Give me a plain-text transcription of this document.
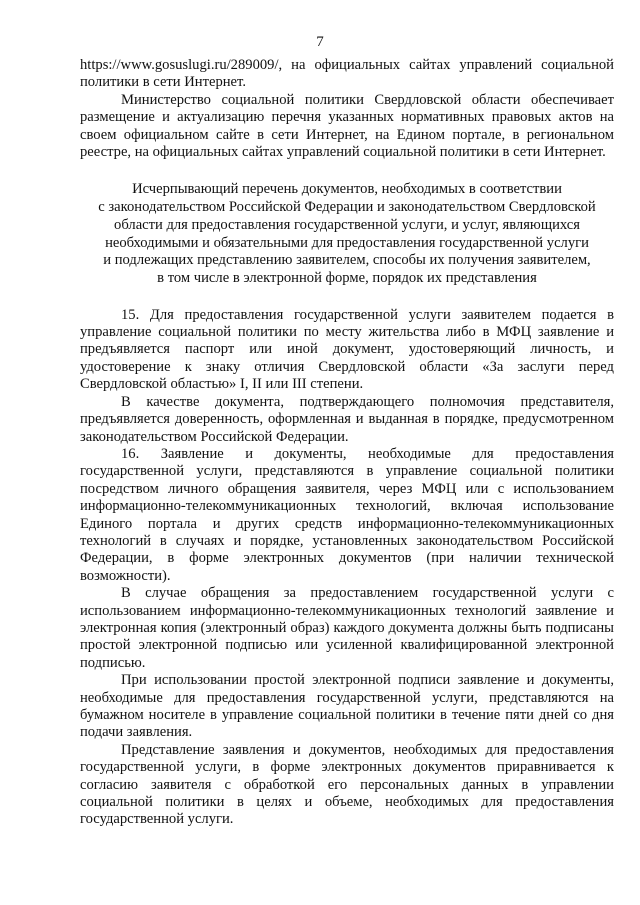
7

https://www.gosuslugi.ru/289009/, на официальных сайтах управлений социальной политики в сети Интернет.

Министерство социальной политики Свердловской области обеспечивает размещение и актуализацию перечня указанных нормативных правовых актов на своем официальном сайте в сети Интернет, на Едином портале, в региональном реестре, на официальных сайтах управлений социальной политики в сети Интернет.

Исчерпывающий перечень документов, необходимых в соответствии

с законодательством Российской Федерации и законодательством Свердловской

области для предоставления государственной услуги, и услуг, являющихся

необходимыми и обязательными для предоставления государственной услуги

и подлежащих представлению заявителем, способы их получения заявителем,

в том числе в электронной форме, порядок их представления

15. Для предоставления государственной услуги заявителем подается в управление социальной политики по месту жительства либо в МФЦ заявление и предъявляется паспорт или иной документ, удостоверяющий личность, и удостоверение к знаку отличия Свердловской области «За заслуги перед Свердловской областью» I, II или III степени.

В качестве документа, подтверждающего полномочия представителя, предъявляется доверенность, оформленная и выданная в порядке, предусмотренном законодательством Российской Федерации.

16. Заявление и документы, необходимые для предоставления государственной услуги, представляются в управление социальной политики посредством личного обращения заявителя, через МФЦ или с использованием информационно-телекоммуникационных технологий, включая использование Единого портала и других средств информационно-телекоммуникационных технологий в случаях и порядке, установленных законодательством Российской Федерации, в форме электронных документов (при наличии технической возможности).

В случае обращения за предоставлением государственной услуги с использованием информационно-телекоммуникационных технологий заявление и электронная копия (электронный образ) каждого документа должны быть подписаны простой электронной подписью или усиленной квалифицированной электронной подписью.

При использовании простой электронной подписи заявление и документы, необходимые для предоставления государственной услуги, представляются на бумажном носителе в управление социальной политики в течение пяти дней со дня подачи заявления.

Представление заявления и документов, необходимых для предоставления государственной услуги, в форме электронных документов приравнивается к согласию заявителя с обработкой его персональных данных в управлении социальной политики в целях и объеме, необходимых для предоставления государственной услуги.
